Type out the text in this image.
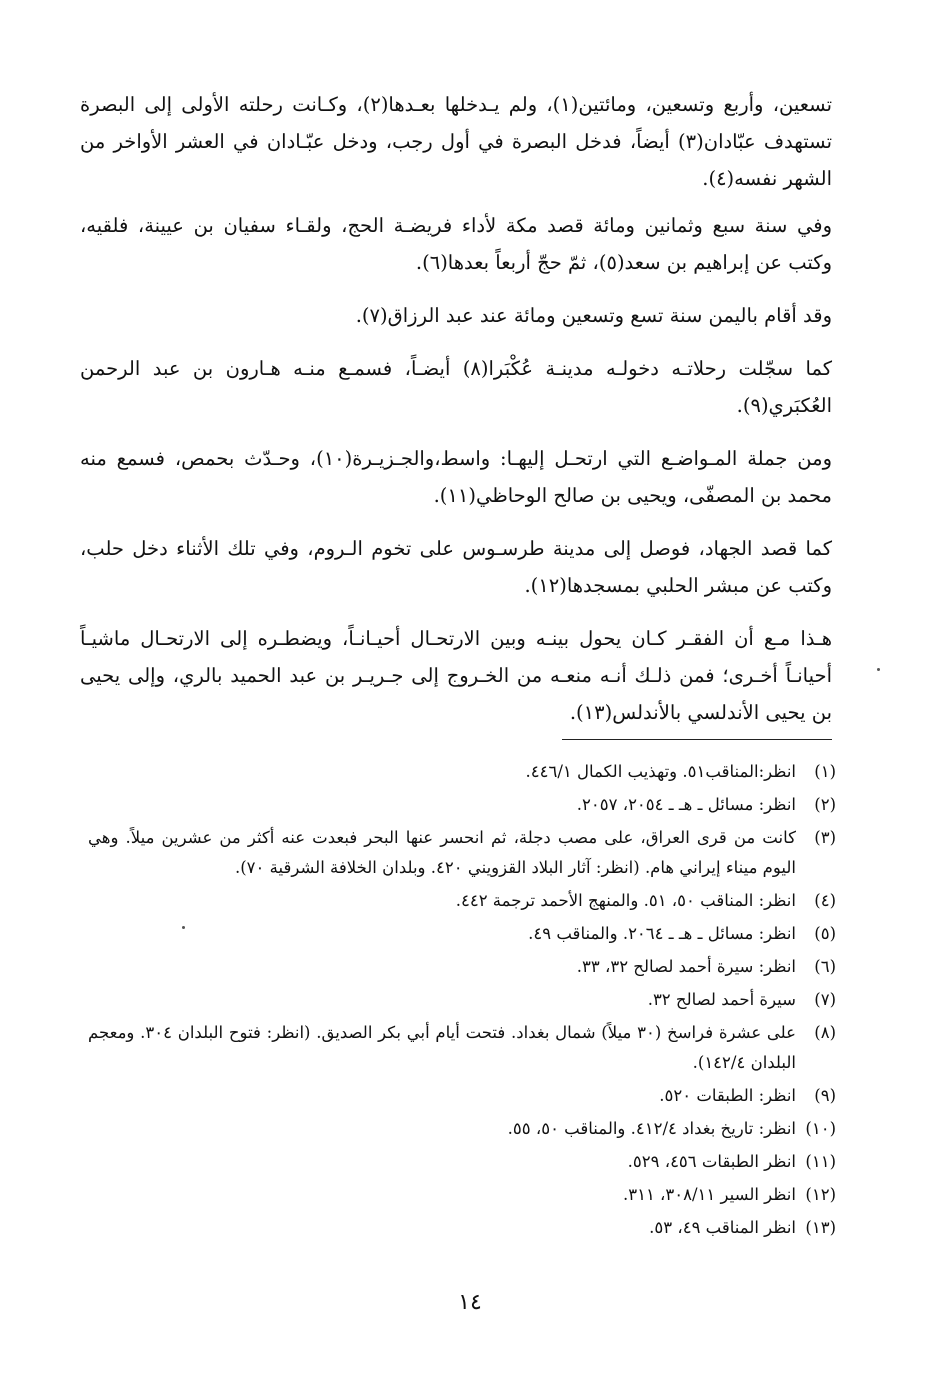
تسعين، وأربع وتسعين، ومائتين(١)، ولم يـدخلها بعـدها(٢)، وكـانت رحلته الأولى إلى البصرة تستهدف عبّادان(٣) أيضاً، فدخل البصرة في أول رجب، ودخل عبّـادان في العشر الأواخر من الشهر نفسه(٤).

وفي سنة سبع وثمانين ومائة قصد مكة لأداء فريضـة الحج، ولقـاء سفيان بن عيينة، فلقيه، وكتب عن إبراهيم بن سعد(٥)، ثمّ حجّ أربعاً بعدها(٦).

وقد أقام باليمن سنة تسع وتسعين ومائة عند عبد الرزاق(٧).

كما سجّلت رحلاتـه دخولـه مدينـة عُكْبَرا(٨) أيضـاً، فسمـع منـه هـارون بن عبد الرحمن العُكبَري(٩).

ومن جملة المـواضـع التي ارتحـل إليهـا: واسط،والجـزيـرة(١٠)، وحـدّث بحمص، فسمع منه محمد بن المصفّى، ويحيى بن صالح الوحاظي(١١).

كما قصد الجهاد، فوصل إلى مدينة طرسـوس على تخوم الـروم، وفي تلك الأثناء دخل حلب، وكتب عن مبشر الحلبي بمسجدها(١٢).

هـذا مـع أن الفقـر كـان يحول بينـه وبين الارتحـال أحيـانـاً، ويضطـره إلى الارتحـال ماشيـاً أحيانـاً أخـرى؛ فمن ذلـك أنـه منعـه من الخـروج إلى جـريـر بن عبد الحميد بالري، وإلى يحيى بن يحيى الأندلسي بالأندلس(١٣).

(١)
انظر:المناقب٥١. وتهذيب الكمال ٤٤٦/١.
(٢)
انظر: مسائل ـ هـ ـ ٢٠٥٤، ٢٠٥٧.
(٣)
كانت من قرى العراق، على مصب دجلة، ثم انحسر عنها البحر فبعدت عنه أكثر من عشرين ميلاً. وهي اليوم ميناء إيراني هام. (انظر: آثار البلاد القزويني ٤٢٠. وبلدان الخلافة الشرقية ٧٠).
(٤)
انظر: المناقب ٥٠، ٥١. والمنهج الأحمد ترجمة ٤٤٢.
(٥)
انظر: مسائل ـ هـ ـ ٢٠٦٤. والمناقب ٤٩.
(٦)
انظر: سيرة أحمد لصالح ٣٢، ٣٣.
(٧)
سيرة أحمد لصالح ٣٢.
(٨)
على عشرة فراسخ (٣٠ ميلاً) شمال بغداد. فتحت أيام أبي بكر الصديق. (انظر: فتوح البلدان ٣٠٤. ومعجم البلدان ١٤٢/٤).
(٩)
انظر: الطبقات ٥٢٠.
(١٠)
انظر: تاريخ بغداد ٤١٢/٤. والمناقب ٥٠، ٥٥.
(١١)
انظر الطبقات ٤٥٦، ٥٢٩.
(١٢)
انظر السير ٣٠٨/١١، ٣١١.
(١٣)
انظر المناقب ٤٩، ٥٣.
١٤
